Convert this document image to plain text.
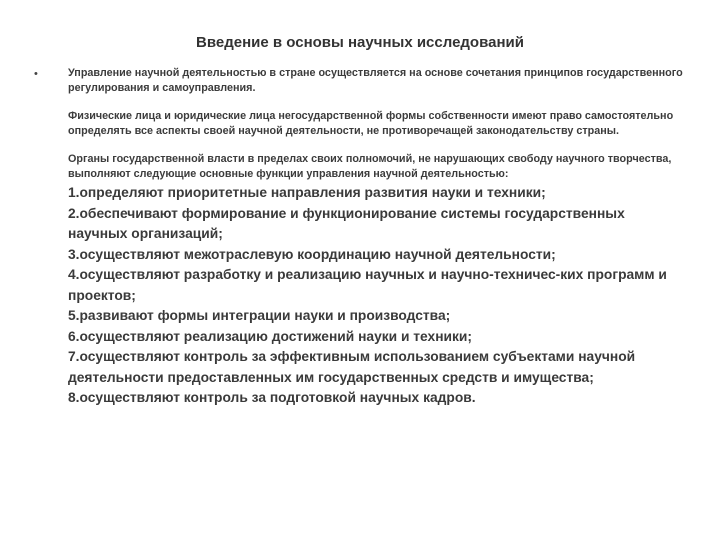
Введение в основы научных исследований
•	Управление научной деятельностью в стране осуществляется на основе сочетания принципов государственного регулирования и самоуправления.

Физические лица и юридические лица негосударственной формы собственности имеют право самостоятельно определять все аспекты своей научной деятельности, не противоречащей законодательству страны.

Органы государственной власти в пределах своих полномочий, не нарушающих свободу научного творчества, выполняют следующие основные функции управления научной деятельностью:

1.определяют приоритетные направления развития науки и техники;
2.обеспечивают формирование и функционирование системы государственных научных организаций;
3.осуществляют межотраслевую координацию научной деятельности;
4.осуществляют разработку и реализацию научных и научно-техничес-ких программ и проектов;
5.развивают формы интеграции науки и производства;
6.осуществляют реализацию достижений науки и техники;
7.осуществляют контроль за эффективным использованием субъектами научной деятельности предоставленных им государственных средств и имущества;
8.осуществляют контроль за подготовкой научных кадров.
